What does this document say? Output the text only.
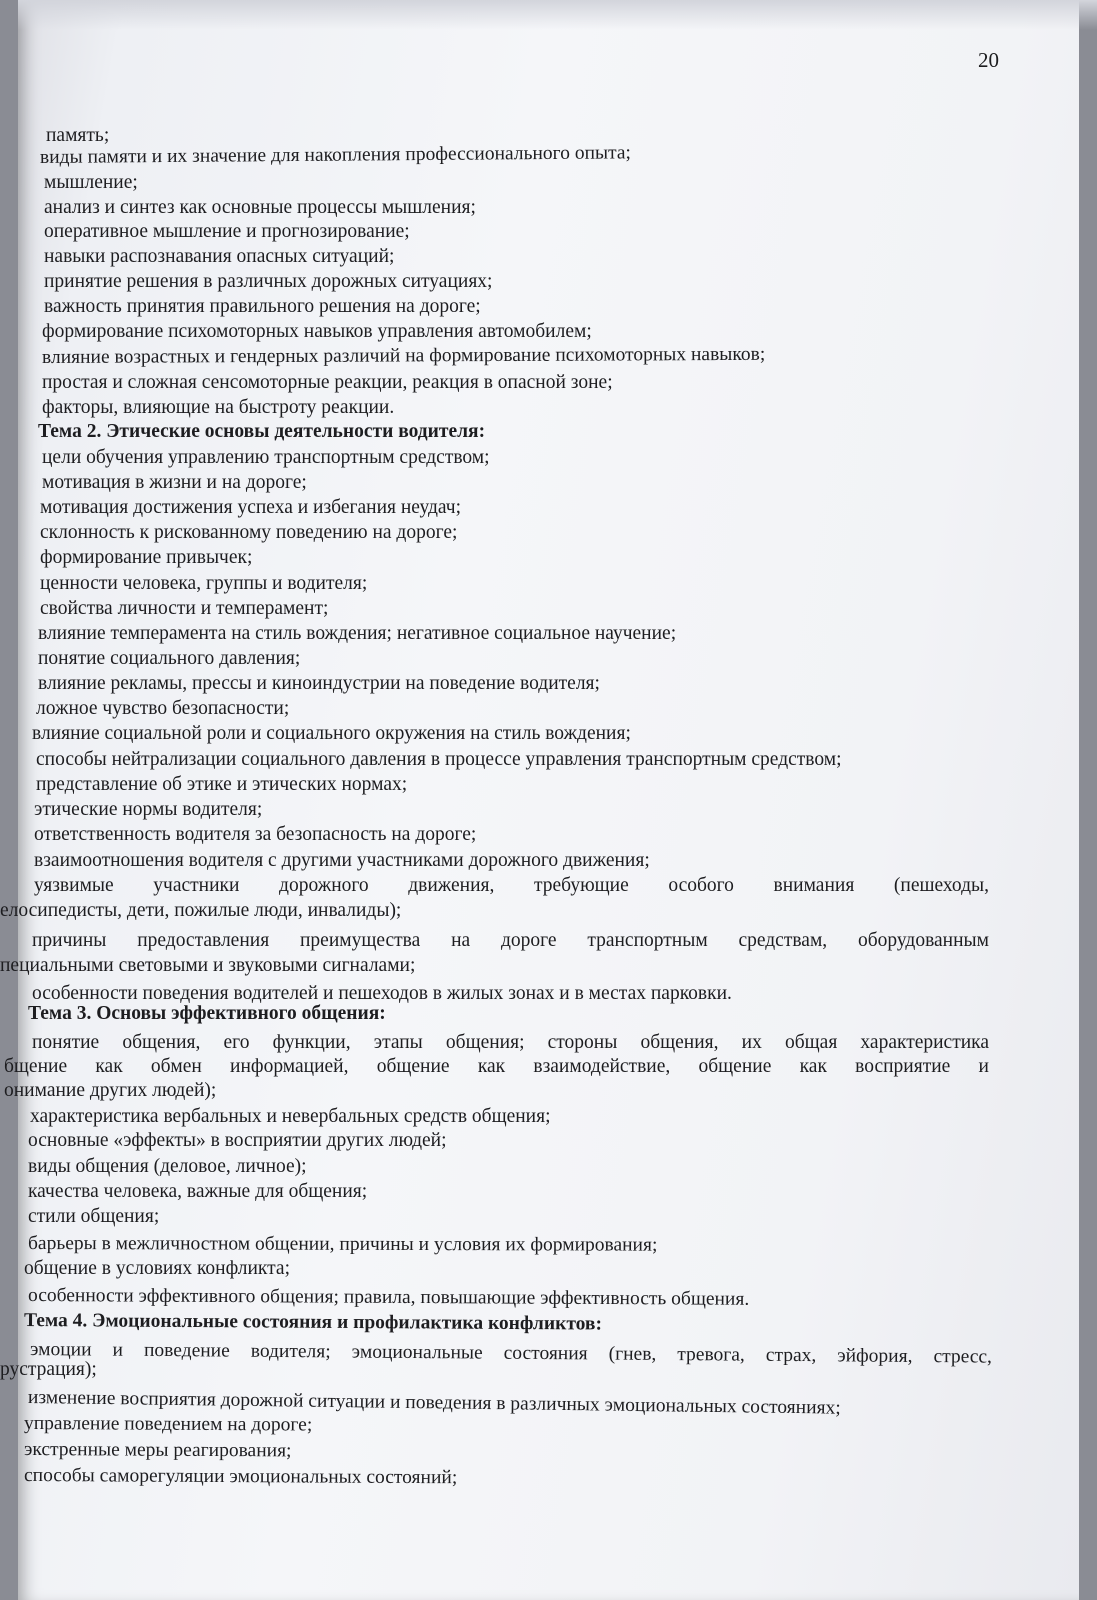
20
память;
виды памяти и их значение для накопления профессионального опыта;
мышление;
анализ и синтез как основные процессы мышления;
оперативное мышление и прогнозирование;
навыки распознавания опасных ситуаций;
принятие решения в различных дорожных ситуациях;
важность принятия правильного решения на дороге;
формирование психомоторных навыков управления автомобилем;
влияние возрастных и гендерных различий на формирование психомоторных навыков;
простая и сложная сенсомоторные реакции, реакция в опасной зоне;
факторы, влияющие на быстроту реакции.
Тема 2. Этические основы деятельности водителя:
цели обучения управлению транспортным средством;
мотивация в жизни и на дороге;
мотивация достижения успеха и избегания неудач;
склонность к рискованному поведению на дороге;
формирование привычек;
ценности человека, группы и водителя;
свойства личности и темперамент;
влияние темперамента на стиль вождения; негативное социальное научение;
понятие социального давления;
влияние рекламы, прессы и киноиндустрии на поведение водителя;
ложное чувство безопасности;
влияние социальной роли и социального окружения на стиль вождения;
способы нейтрализации социального давления в процессе управления транспортным средством;
представление об этике и этических нормах;
этические нормы водителя;
ответственность водителя за безопасность на дороге;
взаимоотношения водителя с другими участниками дорожного движения;
уязвимые участники дорожного движения, требующие особого внимания (пешеходы,
елосипедисты, дети, пожилые люди, инвалиды);
причины предоставления преимущества на дороге транспортным средствам, оборудованным
пециальными световыми и звуковыми сигналами;
особенности поведения водителей и пешеходов в жилых зонах и в местах парковки.
Тема 3. Основы эффективного общения:
понятие общения, его функции, этапы общения; стороны общения, их общая характеристика
бщение как обмен информацией, общение как взаимодействие, общение как восприятие и
онимание других людей);
характеристика вербальных и невербальных средств общения;
основные «эффекты» в восприятии других людей;
виды общения (деловое, личное);
качества человека, важные для общения;
стили общения;
барьеры в межличностном общении, причины и условия их формирования;
общение в условиях конфликта;
особенности эффективного общения; правила, повышающие эффективность общения.
Тема 4. Эмоциональные состояния и профилактика конфликтов:
эмоции и поведение водителя; эмоциональные состояния (гнев, тревога, страх, эйфория, стресс,
рустрация);
изменение восприятия дорожной ситуации и поведения в различных эмоциональных состояниях;
управление поведением на дороге;
экстренные меры реагирования;
способы саморегуляции эмоциональных состояний;
